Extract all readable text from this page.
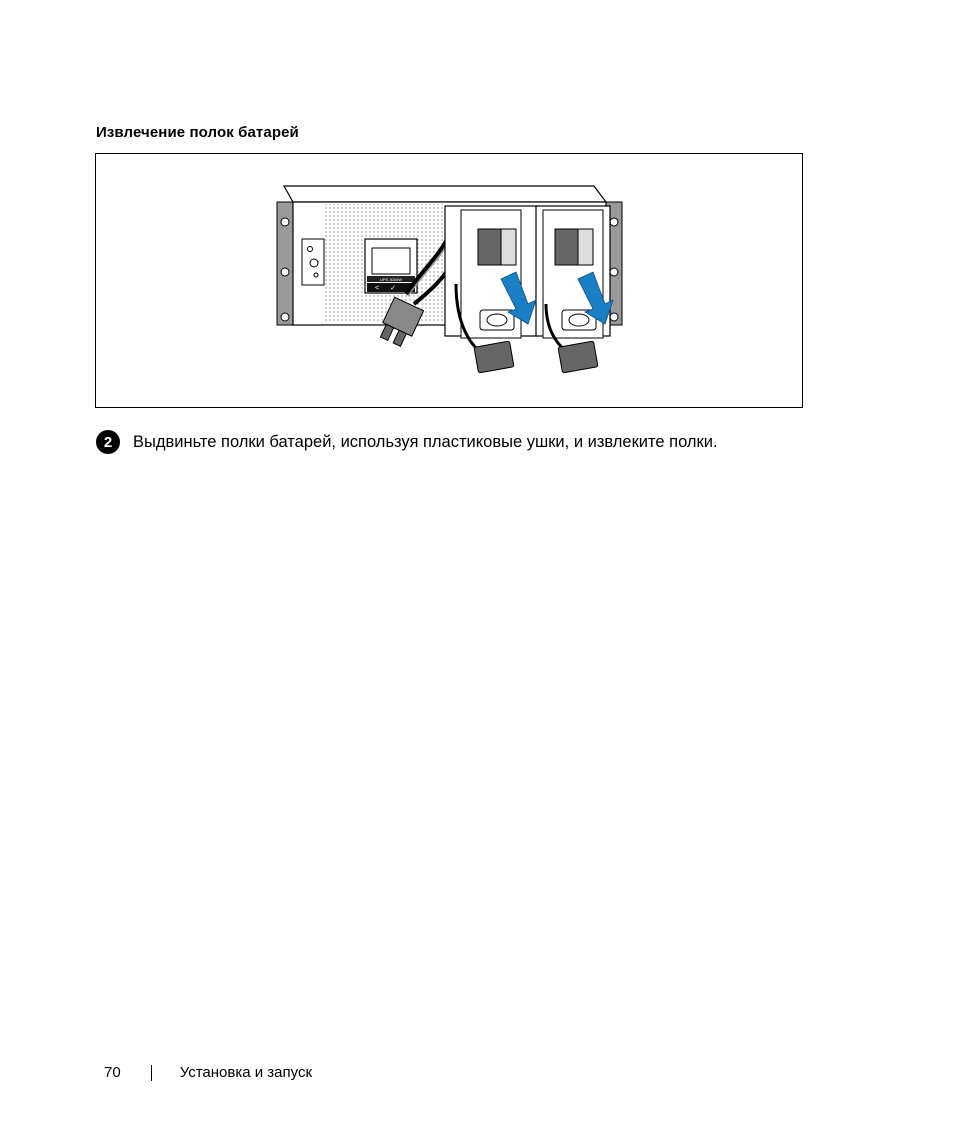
Извлечение полок батарей
UPS 3000W
< ✓
2	Выдвиньте полки батарей, используя пластиковые ушки, и извлеките полки.
70	Установка и запуск
